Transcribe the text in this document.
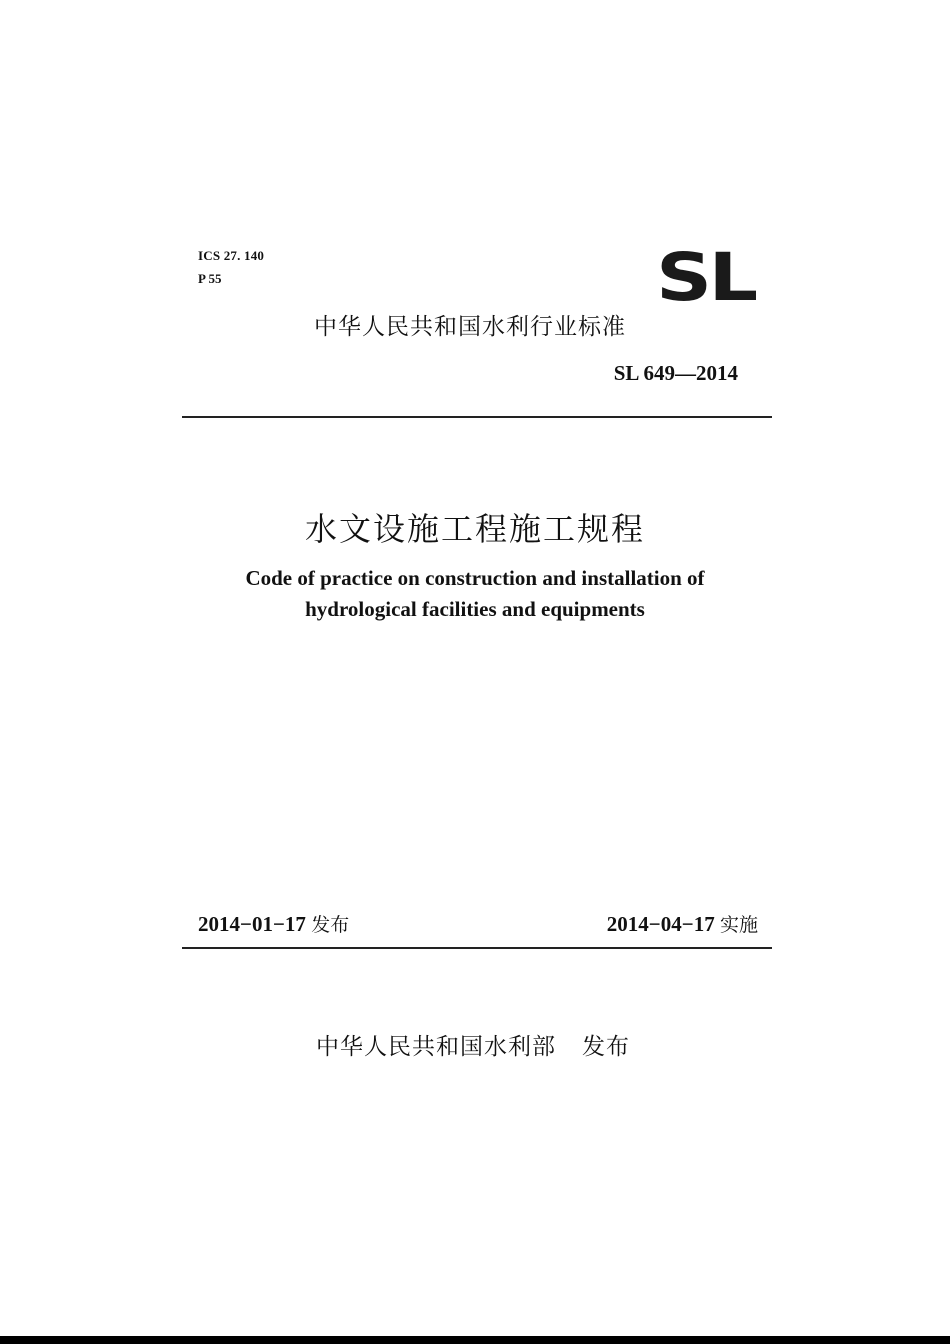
ICS 27. 140
P 55	SL
中华人民共和国水利行业标准
SL 649—2014
水文设施工程施工规程
Code of practice on construction and installation of
hydrological facilities and equipments
2014−01−17 发布	2014−04−17 实施
中华人民共和国水利部 发布
